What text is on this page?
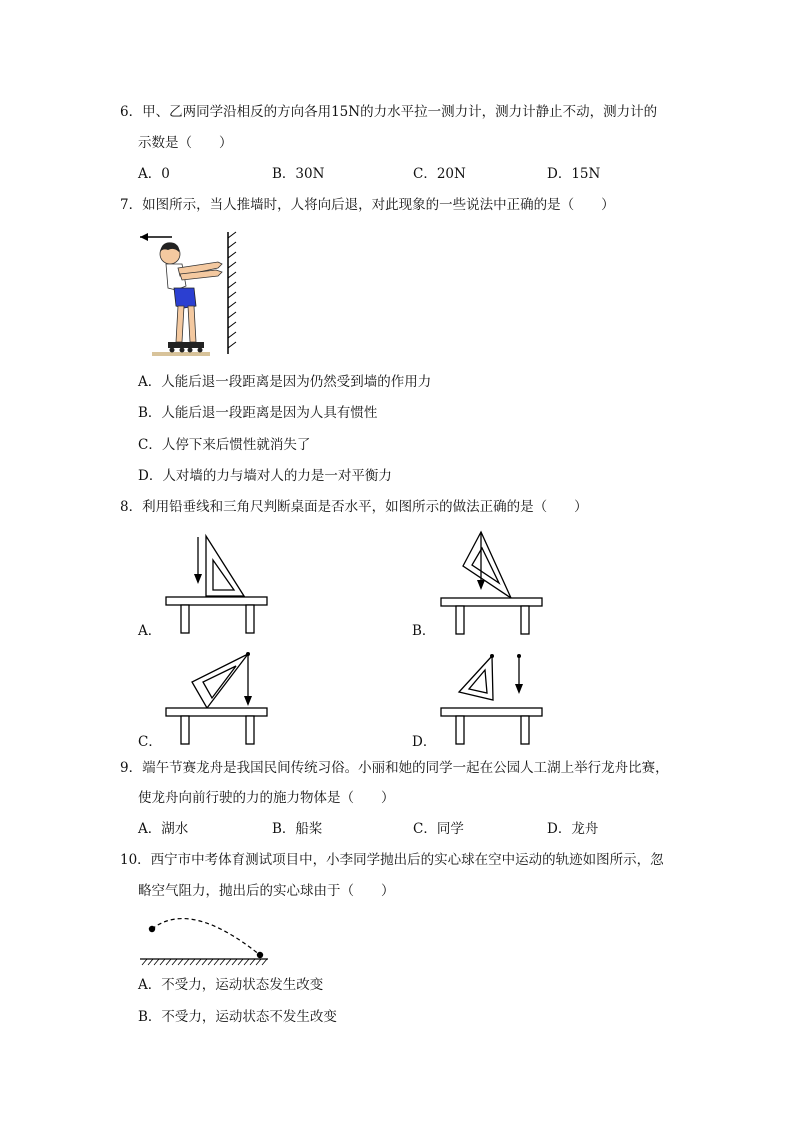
6．甲、乙两同学沿相反的方向各用15N的力水平拉一测力计，测力计静止不动，测力计的
示数是（　　）
A．0	B．30N	C．20N	D．15N
7．如图所示，当人推墙时，人将向后退，对此现象的一些说法中正确的是（　　）
A．人能后退一段距离是因为仍然受到墙的作用力
B．人能后退一段距离是因为人具有惯性
C．人停下来后惯性就消失了
D．人对墙的力与墙对人的力是一对平衡力
8．利用铅垂线和三角尺判断桌面是否水平，如图所示的做法正确的是（　　）
A．	B．
C．	D．
9．端午节赛龙舟是我国民间传统习俗。小丽和她的同学一起在公园人工湖上举行龙舟比赛，
使龙舟向前行驶的力的施力物体是（　　）
A．湖水	B．船桨	C．同学	D．龙舟
10．西宁市中考体育测试项目中，小李同学抛出后的实心球在空中运动的轨迹如图所示，忽
略空气阻力，抛出后的实心球由于（　　）
A．不受力，运动状态发生改变
B．不受力，运动状态不发生改变
